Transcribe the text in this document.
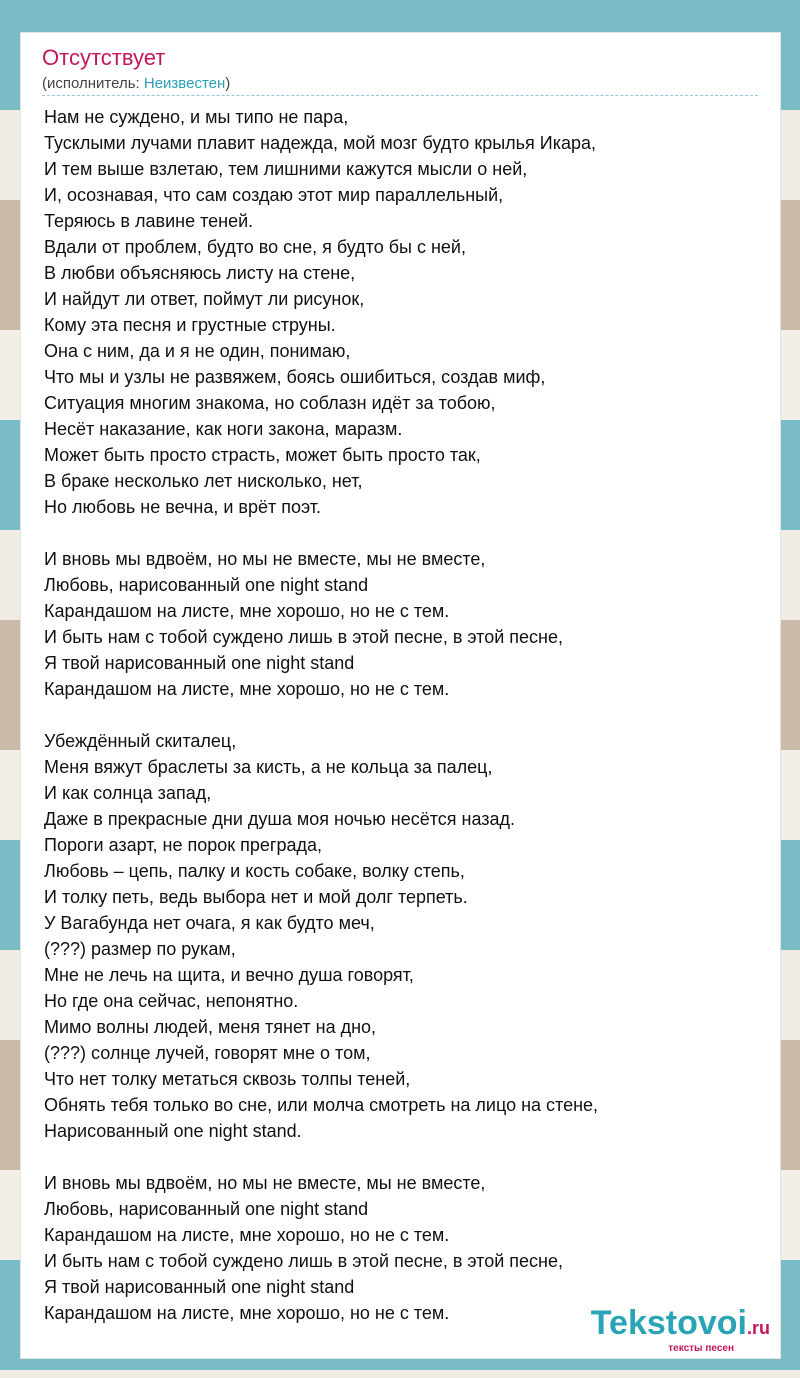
Отсутствует
(исполнитель: Неизвестен)
Нам не суждено, и мы типо не пара,
Тусклыми лучами плавит надежда, мой мозг будто крылья Икара,
И тем выше взлетаю, тем лишними кажутся мысли о ней,
И, осознавая, что сам создаю этот мир параллельный,
Теряюсь в лавине теней.
Вдали от проблем, будто во сне, я будто бы с ней,
В любви объясняюсь листу на стене,
И найдут ли ответ, поймут ли рисунок,
Кому эта песня и грустные струны.
Она с ним, да и я не один, понимаю,
Что мы и узлы не развяжем, боясь ошибиться, создав миф,
Ситуация многим знакома, но соблазн идёт за тобою,
Несёт наказание, как ноги закона, маразм.
Может быть просто страсть, может быть просто так,
В браке несколько лет нисколько, нет,
Но любовь не вечна, и врёт поэт.
И вновь мы вдвоём, но мы не вместе, мы не вместе,
Любовь, нарисованный one night stand
Карандашом на листе, мне хорошо, но не с тем.
И быть нам с тобой суждено лишь в этой песне, в этой песне,
Я твой нарисованный one night stand
Карандашом на листе, мне хорошо, но не с тем.
Убеждённый скиталец,
Меня вяжут браслеты за кисть, а не кольца за палец,
И как солнца запад,
Даже в прекрасные дни душа моя ночью несётся назад.
Пороги азарт, не порок преграда,
Любовь – цепь, палку и кость собаке, волку степь,
И толку петь, ведь выбора нет и мой долг терпеть.
У Вагабунда нет очага, я как будто меч,
(???) размер по рукам,
Мне не лечь на щита, и вечно душа говорят,
Но где она сейчас, непонятно.
Мимо волны людей, меня тянет на дно,
(???) солнце лучей, говорят мне о том,
Что нет толку метаться сквозь толпы теней,
Обнять тебя только во сне, или молча смотреть на лицо на стене,
Нарисованный one night stand.
И вновь мы вдвоём, но мы не вместе, мы не вместе,
Любовь, нарисованный one night stand
Карандашом на листе, мне хорошо, но не с тем.
И быть нам с тобой суждено лишь в этой песне, в этой песне,
Я твой нарисованный one night stand
Карандашом на листе, мне хорошо, но не с тем.	Tekstovoi.ru
тексты песен
